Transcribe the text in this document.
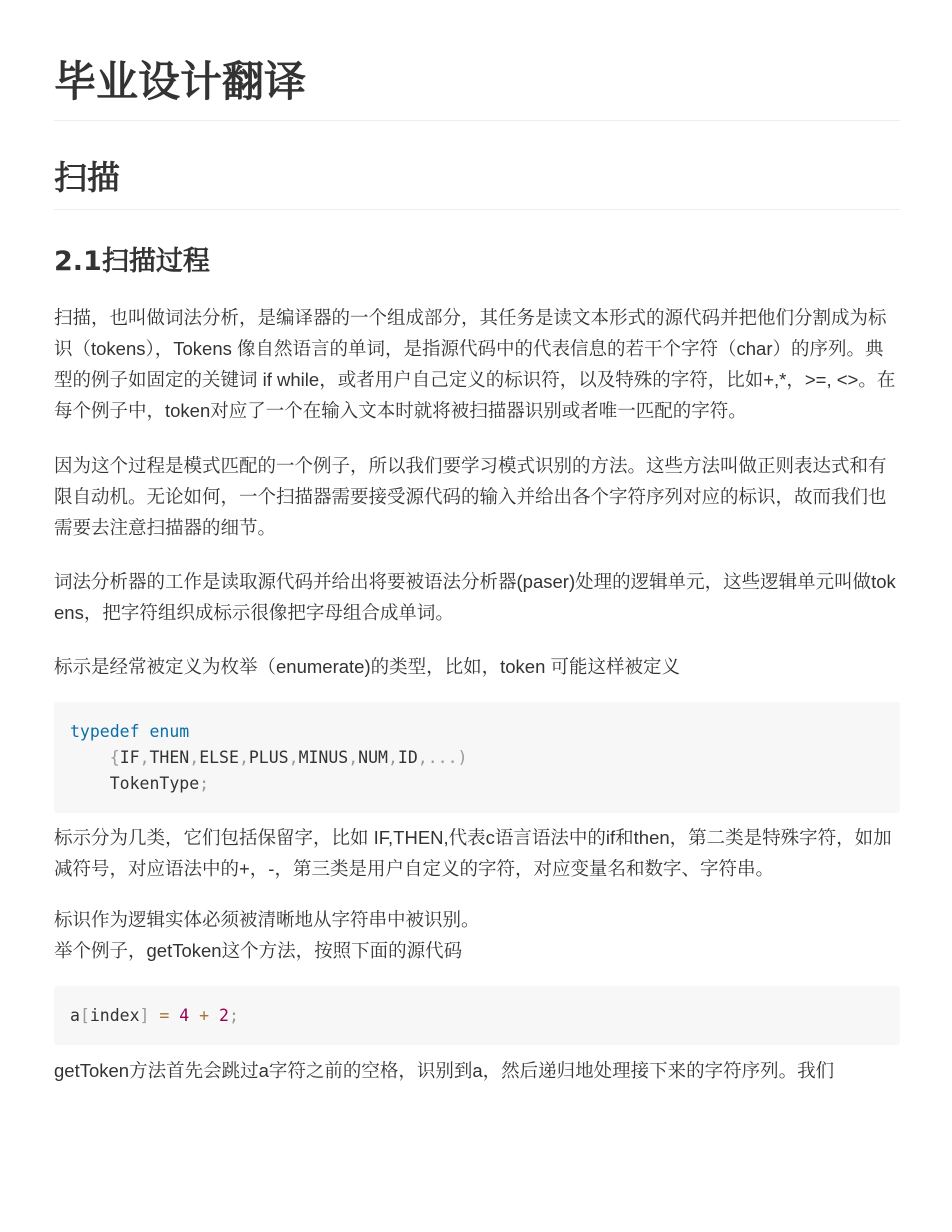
毕业设计翻译
扫描
2.1扫描过程

扫描，也叫做词法分析，是编译器的一个组成部分，其任务是读文本形式的源代码并把他们分割成为标识（tokens），Tokens 像自然语言的单词，是指源代码中的代表信息的若干个字符（char）的序列。典型的例子如固定的关键词 if while，或者用户自己定义的标识符，以及特殊的字符，比如+,*，>=, <>。在每个例子中，token对应了一个在输入文本时就将被扫描器识别或者唯一匹配的字符。

因为这个过程是模式匹配的一个例子，所以我们要学习模式识别的方法。这些方法叫做正则表达式和有限自动机。无论如何，一个扫描器需要接受源代码的输入并给出各个字符序列对应的标识，故而我们也需要去注意扫描器的细节。

词法分析器的工作是读取源代码并给出将要被语法分析器(paser)处理的逻辑单元，这些逻辑单元叫做tokens，把字符组织成标示很像把字母组合成单词。

标示是经常被定义为枚举（enumerate)的类型，比如，token 可能这样被定义

typedef enum
{IF,THEN,ELSE,PLUS,MINUS,NUM,ID,...)
TokenType;

标示分为几类，它们包括保留字，比如 IF,THEN,代表c语言语法中的if和then，第二类是特殊字符，如加减符号，对应语法中的+，-，第三类是用户自定义的字符，对应变量名和数字、字符串。

标识作为逻辑实体必须被清晰地从字符串中被识别。
举个例子，getToken这个方法，按照下面的源代码

a[index] = 4 + 2;

getToken方法首先会跳过a字符之前的空格，识别到a，然后递归地处理接下来的字符序列。我们
